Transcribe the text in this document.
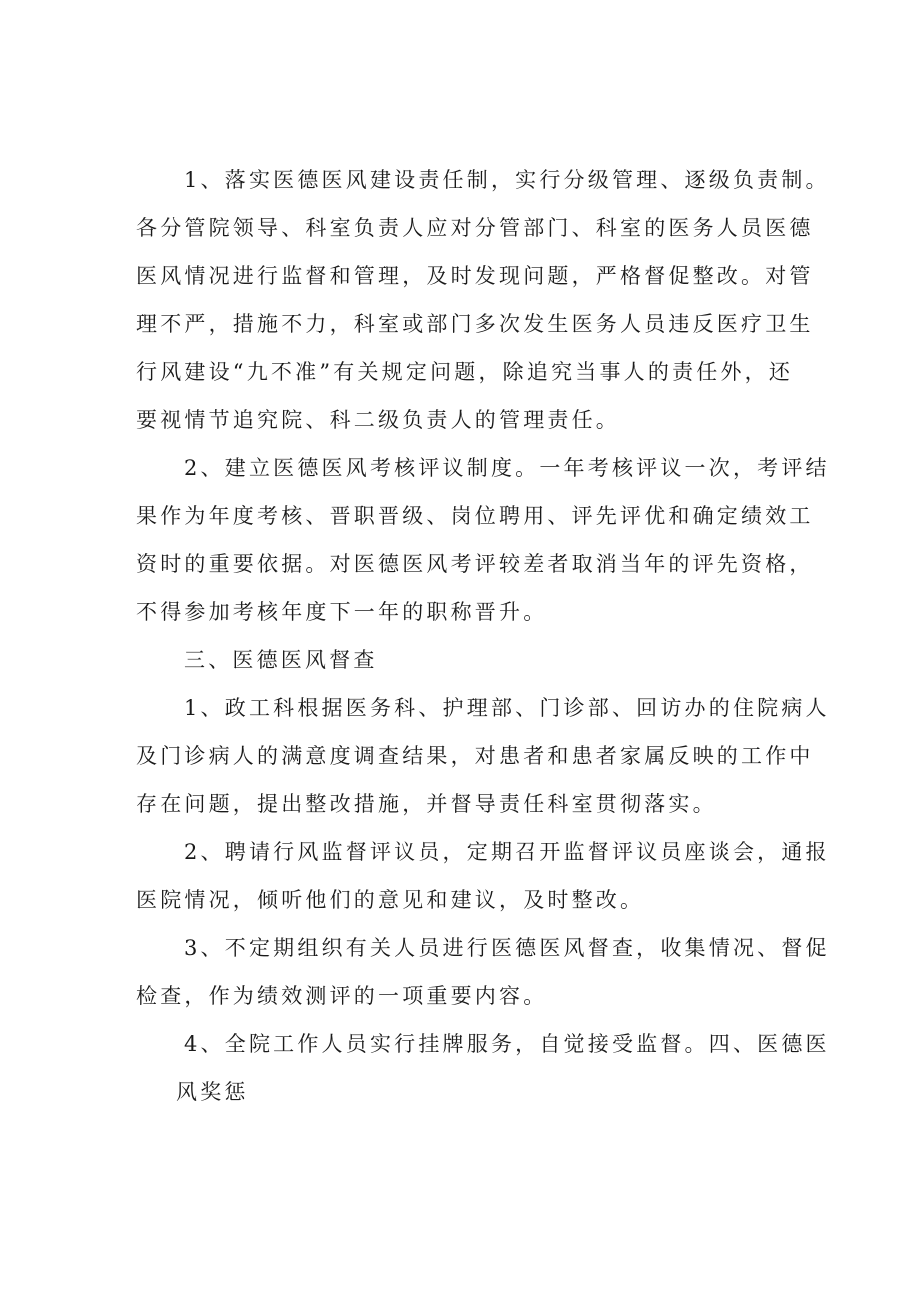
1、落实医德医风建设责任制，实行分级管理、逐级负责制。
各分管院领导、科室负责人应对分管部门、科室的医务人员医德
医风情况进行监督和管理，及时发现问题，严格督促整改。对管
理不严，措施不力，科室或部门多次发生医务人员违反医疗卫生
行风建设“九不准”有关规定问题，除追究当事人的责任外，还
要视情节追究院、科二级负责人的管理责任。
2、建立医德医风考核评议制度。一年考核评议一次，考评结
果作为年度考核、晋职晋级、岗位聘用、评先评优和确定绩效工
资时的重要依据。对医德医风考评较差者取消当年的评先资格，
不得参加考核年度下一年的职称晋升。
三、医德医风督查
1、政工科根据医务科、护理部、门诊部、回访办的住院病人
及门诊病人的满意度调查结果，对患者和患者家属反映的工作中
存在问题，提出整改措施，并督导责任科室贯彻落实。
2、聘请行风监督评议员，定期召开监督评议员座谈会，通报
医院情况，倾听他们的意见和建议，及时整改。
3、不定期组织有关人员进行医德医风督查，收集情况、督促
检查，作为绩效测评的一项重要内容。
4、全院工作人员实行挂牌服务，自觉接受监督。四、医德医
风奖惩
